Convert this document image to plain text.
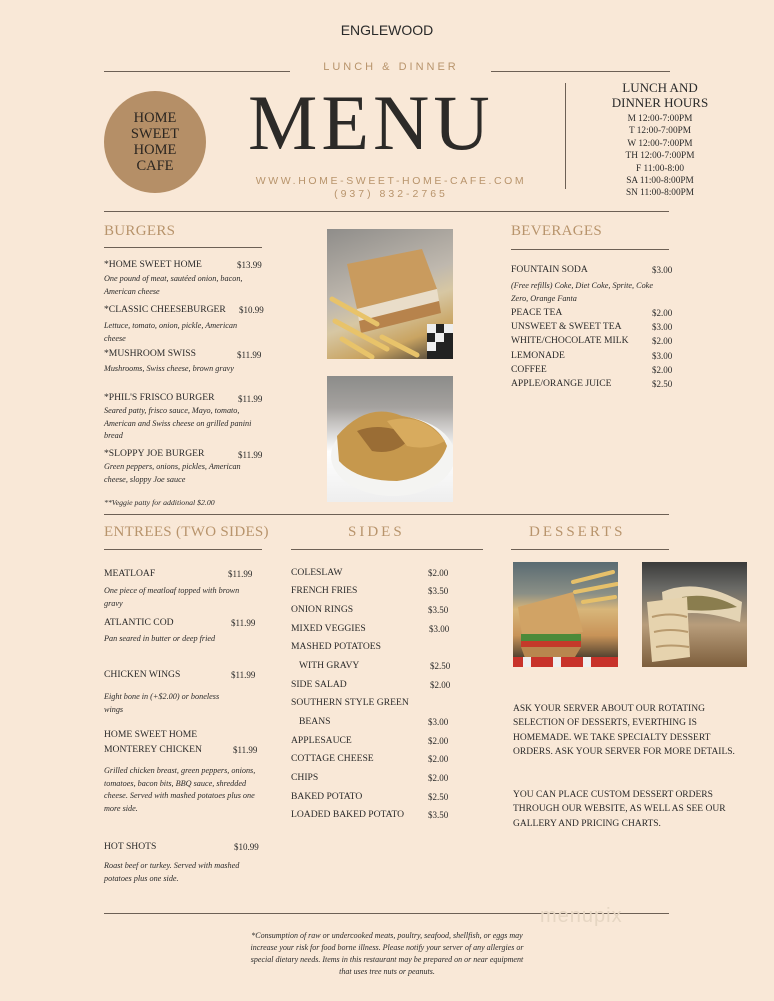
ENGLEWOOD
LUNCH & DINNER
HOME
SWEET
HOME
CAFE MENU
WWW.HOME-SWEET-HOME-CAFE.COM
(937) 832-2765
LUNCH AND
DINNER HOURS
M 12:00-7:00PM
T 12:00-7:00PM
W 12:00-7:00PM
TH 12:00-7:00PM
F 11:00-8:00
SA 11:00-8:00PM
SN 11:00-8:00PM
BURGERS
*HOME SWEET HOME	$13.99
One pound of meat, sautéed onion, bacon, American cheese
*CLASSIC CHEESEBURGER $10.99
Lettuce, tomato, onion, pickle, American cheese
*MUSHROOM SWISS	$11.99
Mushrooms, Swiss cheese, brown gravy
*PHIL'S FRISCO BURGER	$11.99
Seared patty, frisco sauce, Mayo, tomato, American and Swiss cheese on grilled panini bread
*SLOPPY JOE BURGER	$11.99
Green peppers, onions, pickles, American cheese, sloppy Joe sauce
**Veggie patty for additional $2.00
BEVERAGES
FOUNTAIN SODA	$3.00
(Free refills) Coke, Diet Coke, Sprite, Coke Zero, Orange Fanta
PEACE TEA	$2.00
UNSWEET & SWEET TEA	$3.00
WHITE/CHOCOLATE MILK	$2.00
LEMONADE	$3.00
COFFEE	$2.00
APPLE/ORANGE JUICE	$2.50
ENTREES (TWO SIDES)
MEATLOAF	$11.99
One piece of meatloaf topped with brown gravy
ATLANTIC COD	$11.99
Pan seared in butter or deep fried
CHICKEN WINGS	$11.99
Eight bone in (+$2.00) or boneless wings
HOME SWEET HOME
MONTEREY CHICKEN	$11.99
Grilled chicken breast, green peppers, onions, tomatoes, bacon bits, BBQ sauce, shredded cheese. Served with mashed potatoes plus one more side.
HOT SHOTS	$10.99
Roast beef or turkey. Served with mashed potatoes plus one side.
SIDES
COLESLAW	$2.00
FRENCH FRIES	$3.50
ONION RINGS	$3.50
MIXED VEGGIES	$3.00
MASHED POTATOES
WITH GRAVY	$2.50
SIDE SALAD	$2.00
SOUTHERN STYLE GREEN
BEANS	$3.00
APPLESAUCE	$2.00
COTTAGE CHEESE	$2.00
CHIPS	$2.00
BAKED POTATO	$2.50
LOADED BAKED POTATO	$3.50
DESSERTS
ASK YOUR SERVER ABOUT OUR ROTATING SELECTION OF DESSERTS, EVERTHING IS HOMEMADE. WE TAKE SPECIALTY DESSERT ORDERS. ASK YOUR SERVER FOR MORE DETAILS.
YOU CAN PLACE CUSTOM DESSERT ORDERS THROUGH OUR WEBSITE, AS WELL AS SEE OUR GALLERY AND PRICING CHARTS.
menupix
*Consumption of raw or undercooked meats, poultry, seafood, shellfish, or eggs may increase your risk for food borne illness. Please notify your server of any allergies or special dietary needs. Items in this restaurant may be prepared on or near equipment that uses tree nuts or peanuts.
